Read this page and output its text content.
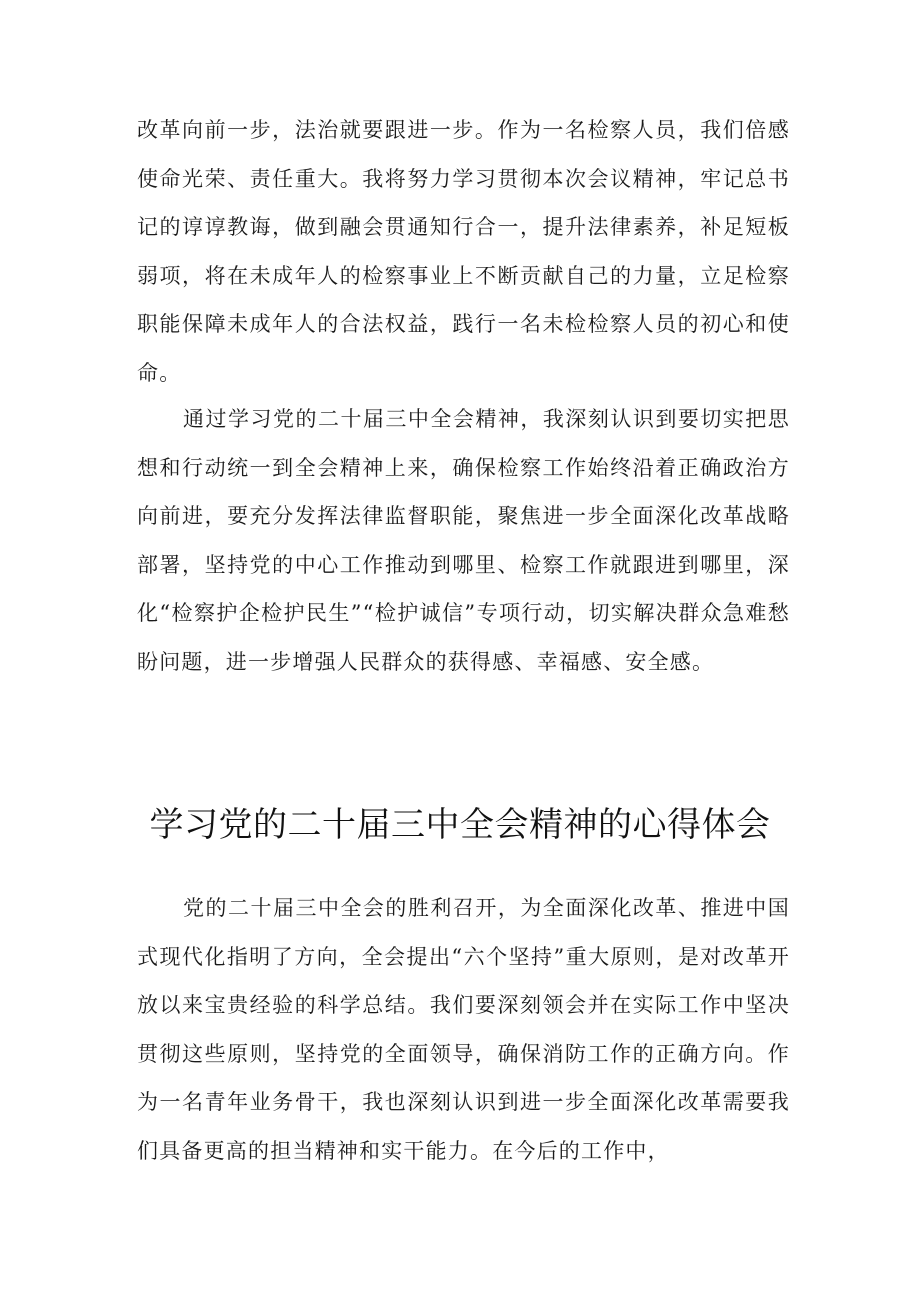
改革向前一步，法治就要跟进一步。作为一名检察人员，我们倍感使命光荣、责任重大。我将努力学习贯彻本次会议精神，牢记总书记的谆谆教诲，做到融会贯通知行合一，提升法律素养，补足短板弱项，将在未成年人的检察事业上不断贡献自己的力量，立足检察职能保障未成年人的合法权益，践行一名未检检察人员的初心和使命。

通过学习党的二十届三中全会精神，我深刻认识到要切实把思想和行动统一到全会精神上来，确保检察工作始终沿着正确政治方向前进，要充分发挥法律监督职能，聚焦进一步全面深化改革战略部署，坚持党的中心工作推动到哪里、检察工作就跟进到哪里，深化“检察护企检护民生”“检护诚信”专项行动，切实解决群众急难愁盼问题，进一步增强人民群众的获得感、幸福感、安全感。

学习党的二十届三中全会精神的心得体会

党的二十届三中全会的胜利召开，为全面深化改革、推进中国式现代化指明了方向，全会提出“六个坚持”重大原则，是对改革开放以来宝贵经验的科学总结。我们要深刻领会并在实际工作中坚决贯彻这些原则，坚持党的全面领导，确保消防工作的正确方向。作为一名青年业务骨干，我也深刻认识到进一步全面深化改革需要我们具备更高的担当精神和实干能力。在今后的工作中，
